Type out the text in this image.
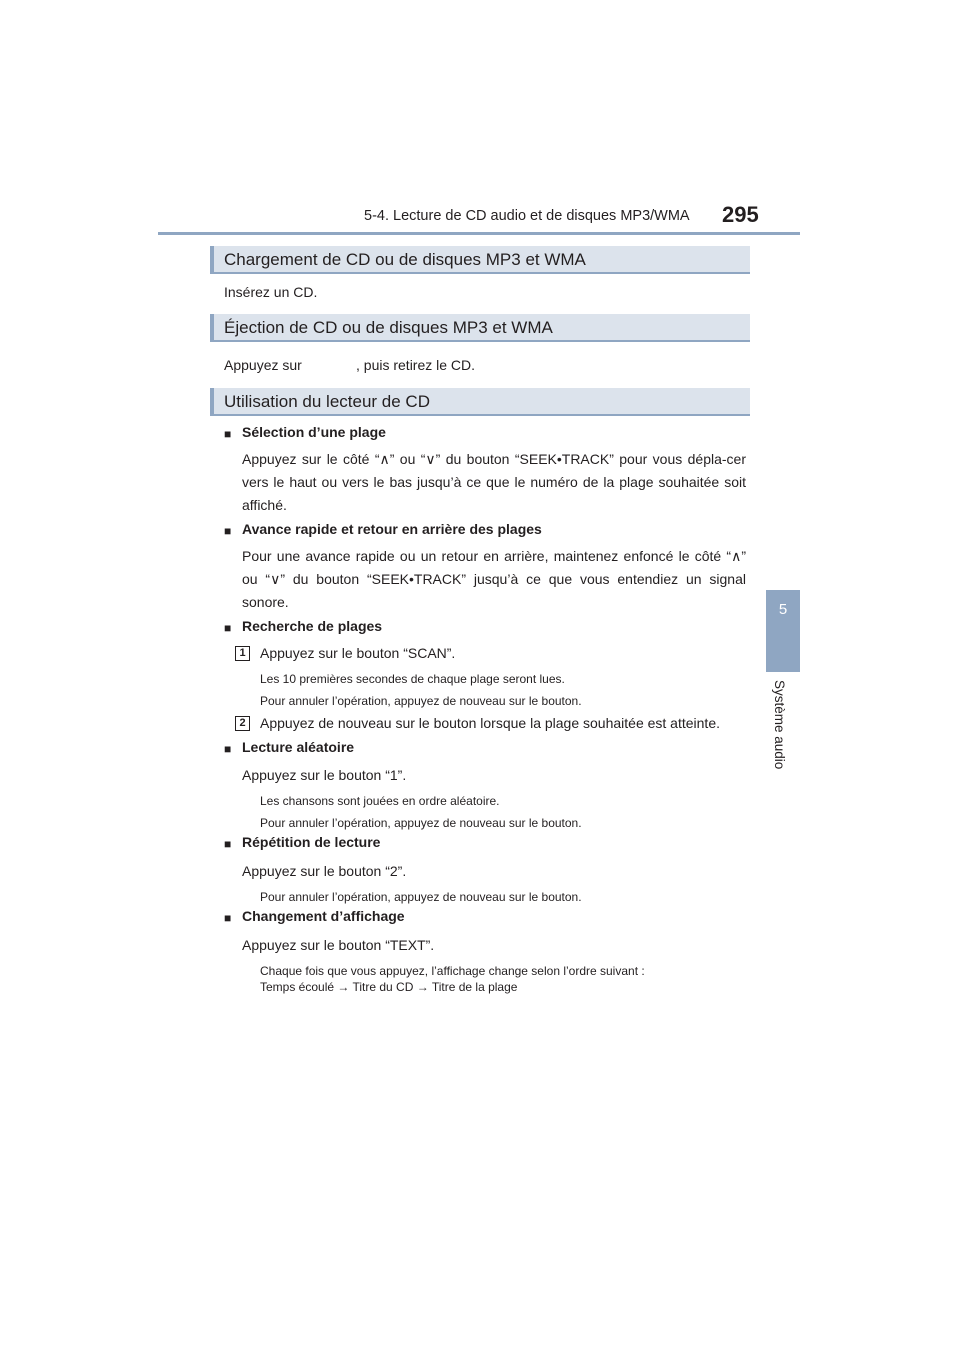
5-4. Lecture de CD audio et de disques MP3/WMA 295
5
Système audio
Chargement de CD ou de disques MP3 et WMA
Insérez un CD.
Éjection de CD ou de disques MP3 et WMA
Appuyez sur	, puis retirez le CD.
Utilisation du lecteur de CD
■ Sélection d’une plage
Appuyez sur le côté “∧” ou “∨” du bouton “SEEK•TRACK” pour vous dépla-cer vers le haut ou vers le bas jusqu’à ce que le numéro de la plage souhaitée soit affiché.
■ Avance rapide et retour en arrière des plages
Pour une avance rapide ou un retour en arrière, maintenez enfoncé le côté “∧” ou “∨” du bouton “SEEK•TRACK” jusqu’à ce que vous entendiez un signal sonore.
■ Recherche de plages
1	Appuyez sur le bouton “SCAN”.
Les 10 premières secondes de chaque plage seront lues.
Pour annuler l’opération, appuyez de nouveau sur le bouton.
2	Appuyez de nouveau sur le bouton lorsque la plage souhaitée est atteinte.
■ Lecture aléatoire
Appuyez sur le bouton “1”.
Les chansons sont jouées en ordre aléatoire.
Pour annuler l’opération, appuyez de nouveau sur le bouton.
■ Répétition de lecture
Appuyez sur le bouton “2”.
Pour annuler l’opération, appuyez de nouveau sur le bouton.
■ Changement d’affichage
Appuyez sur le bouton “TEXT”.
Chaque fois que vous appuyez, l’affichage change selon l’ordre suivant :
Temps écoulé → Titre du CD → Titre de la plage
